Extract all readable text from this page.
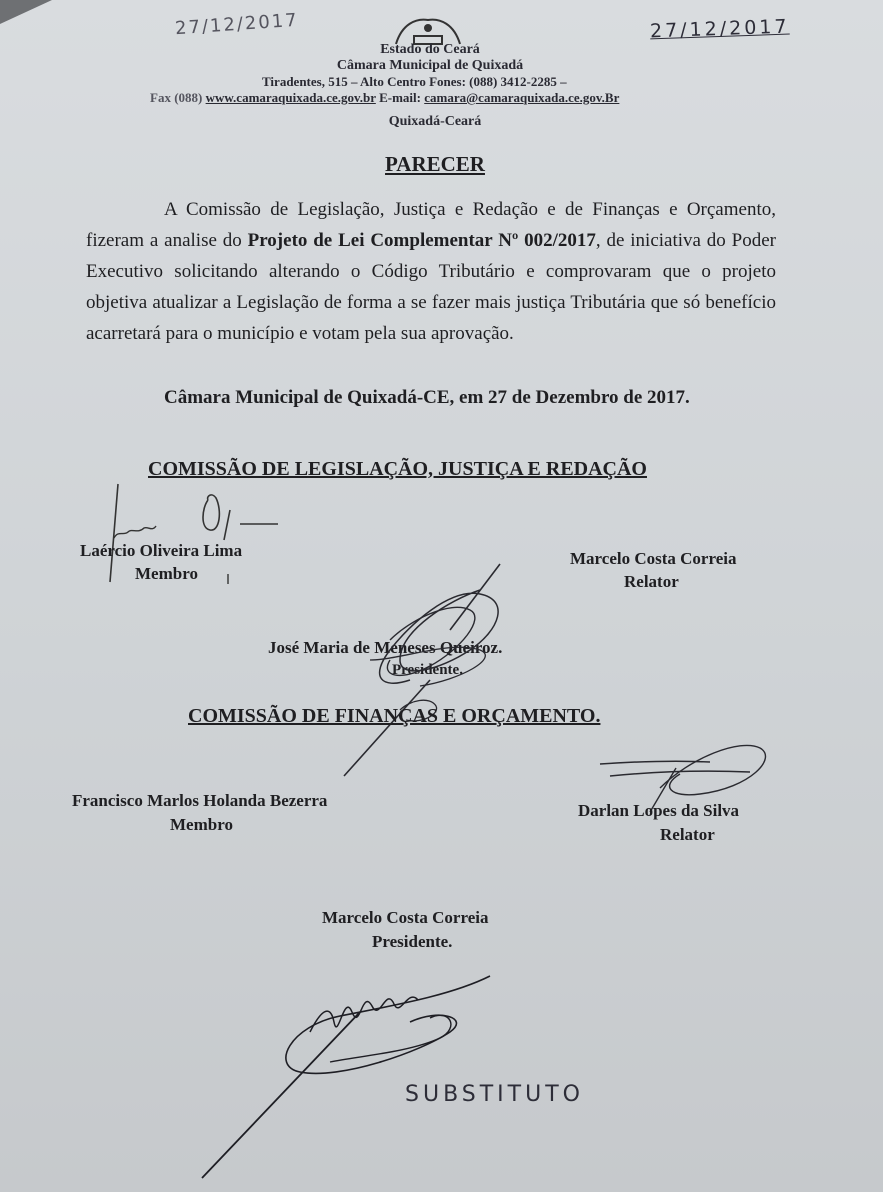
27/12/2017	27/12/2017
Estado do Ceará
Câmara Municipal de Quixadá
Tiradentes, 515 – Alto Centro Fones: (088) 3412-2285 –
Fax (088) www.camaraquixada.ce.gov.br E-mail: camara@camaraquixada.ce.gov.Br
Quixadá-Ceará
PARECER
A Comissão de Legislação, Justiça e Redação e de Finanças e Orçamento, fizeram a analise do Projeto de Lei Complementar Nº 002/2017, de iniciativa do Poder Executivo solicitando alterando o Código Tributário e comprovaram que o projeto objetiva atualizar a Legislação de forma a se fazer mais justiça Tributária que só benefício acarretará para o município e votam pela sua aprovação.
Câmara Municipal de Quixadá-CE, em 27 de Dezembro de 2017.
COMISSÃO DE LEGISLAÇÃO, JUSTIÇA E REDAÇÃO
Laércio Oliveira Lima
Membro
Marcelo Costa Correia
Relator
José Maria de Meneses Queiroz.
Presidente.
COMISSÃO DE FINANÇAS E ORÇAMENTO.
Francisco Marlos Holanda Bezerra
Membro
Darlan Lopes da Silva
Relator
Marcelo Costa Correia
Presidente.
SUBSTITUTO
